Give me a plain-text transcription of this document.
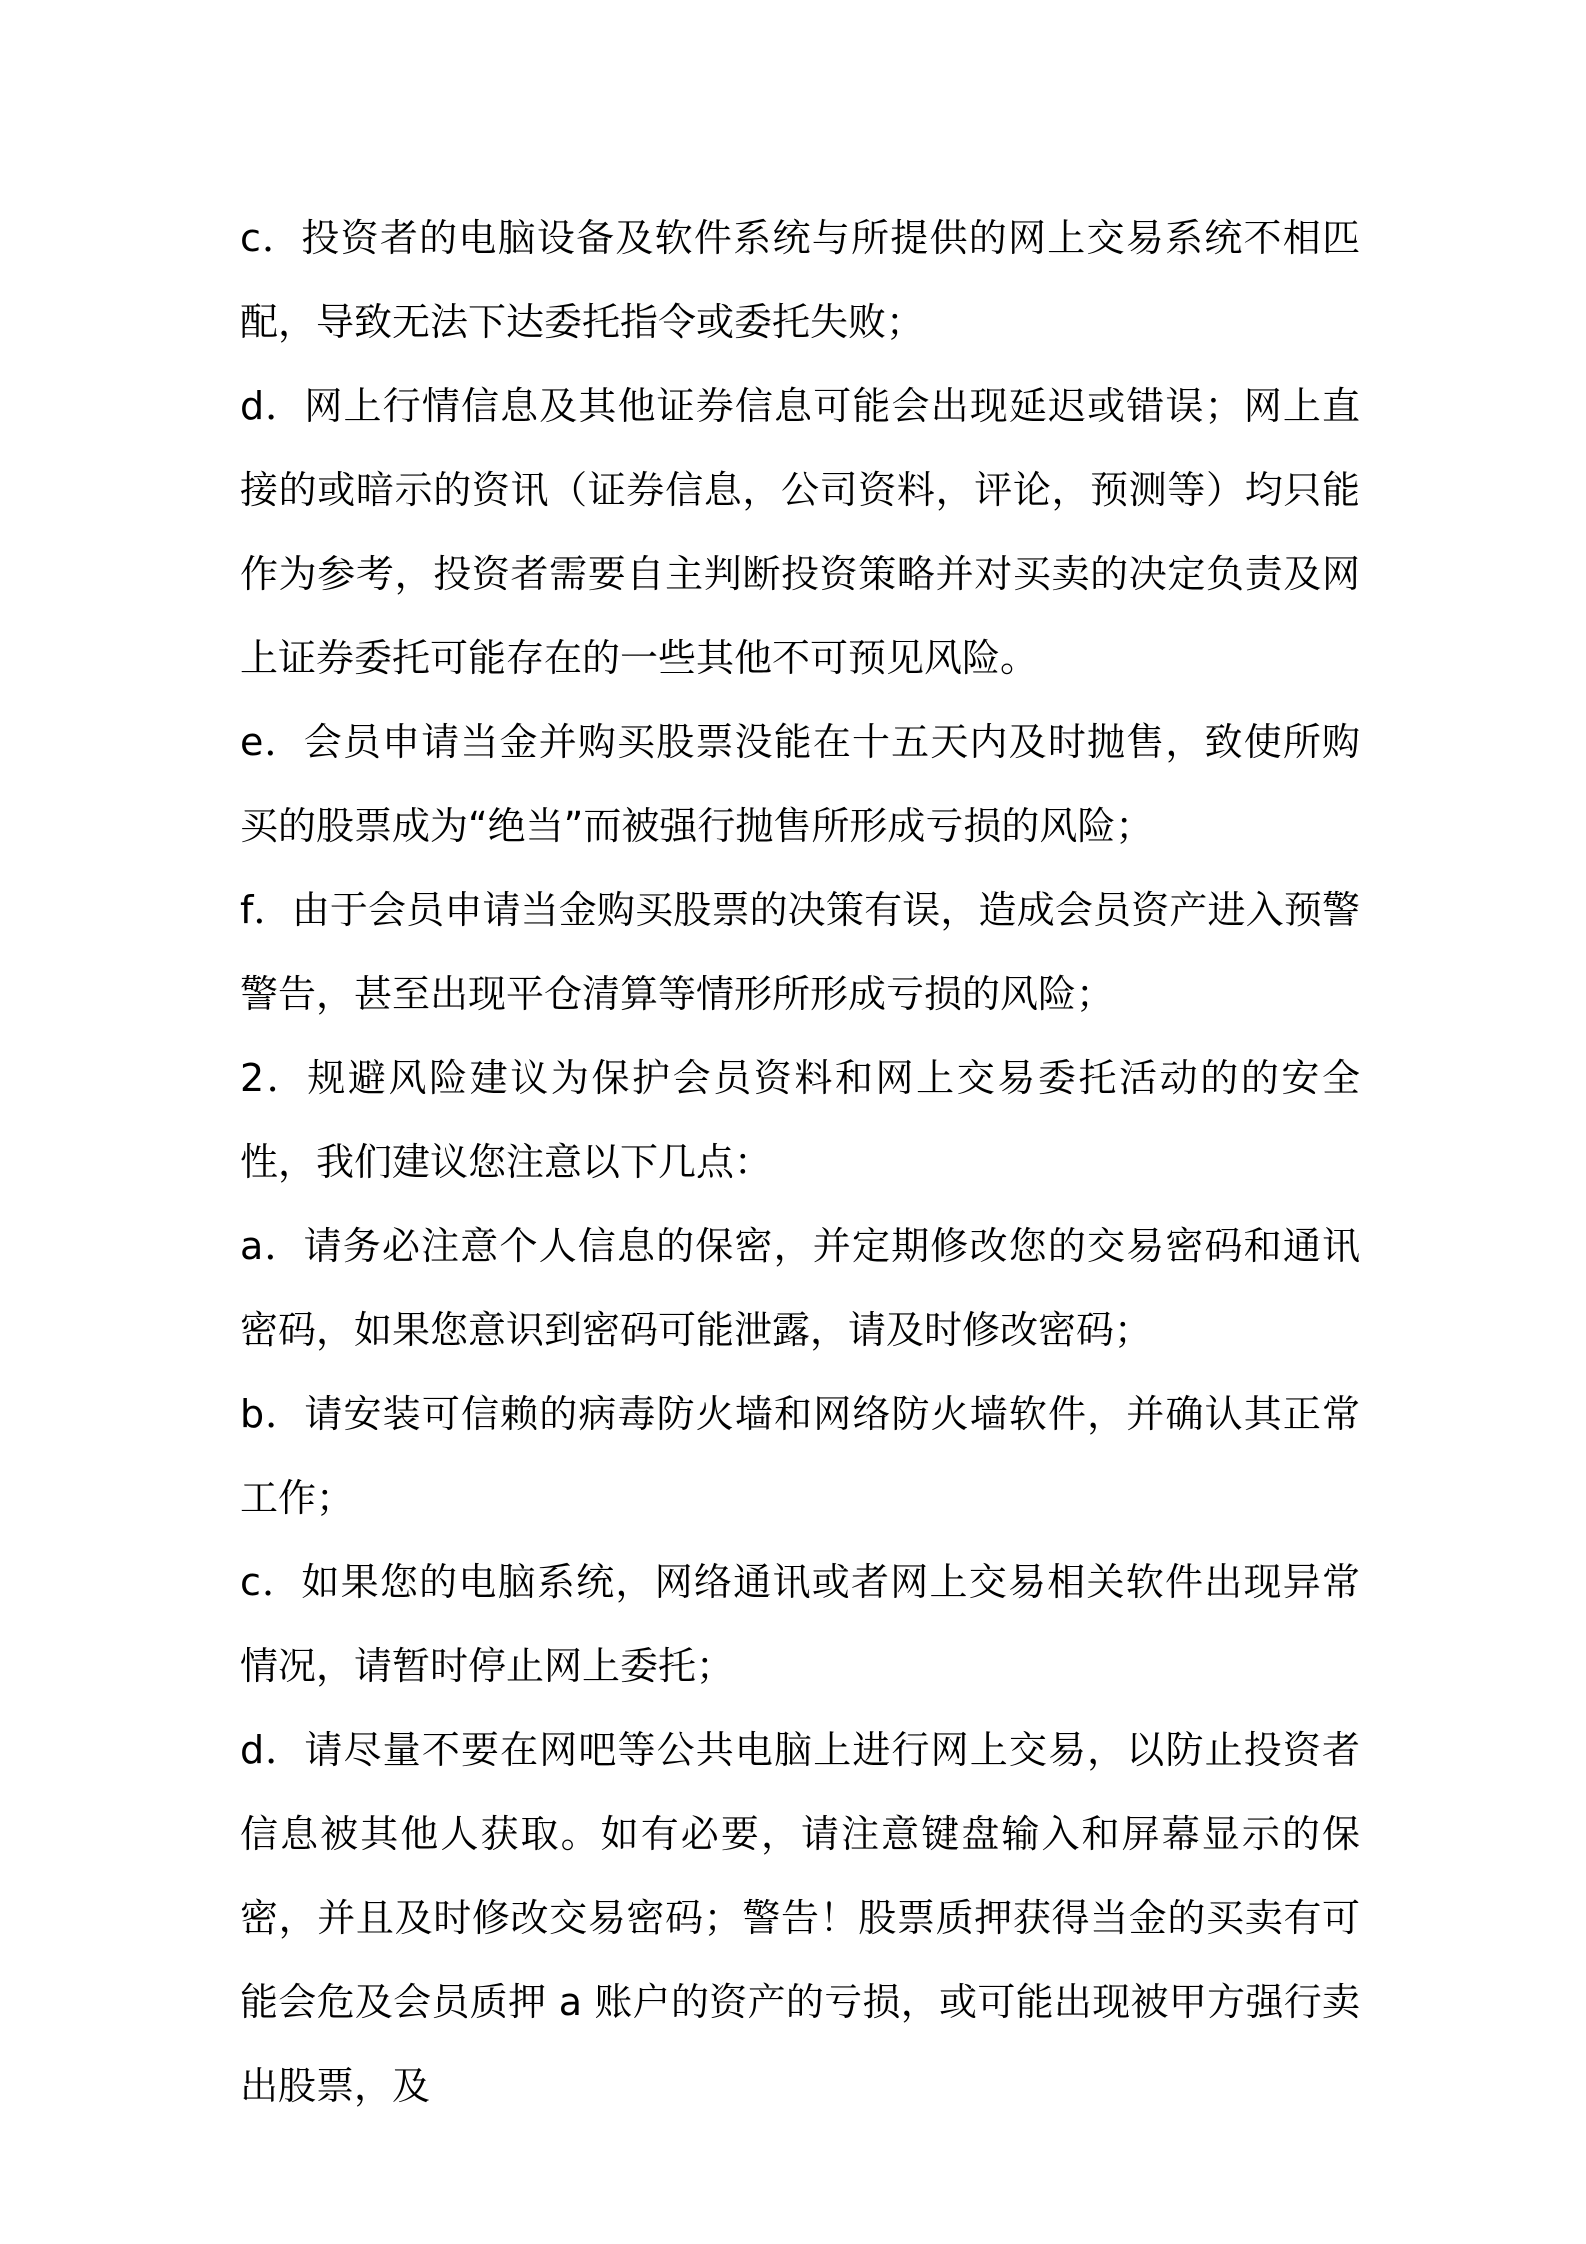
c．投资者的电脑设备及软件系统与所提供的网上交易系统不相匹配，导致无法下达委托指令或委托失败；

d．网上行情信息及其他证券信息可能会出现延迟或错误；网上直接的或暗示的资讯（证券信息，公司资料，评论，预测等）均只能作为参考，投资者需要自主判断投资策略并对买卖的决定负责及网上证券委托可能存在的一些其他不可预见风险。

e．会员申请当金并购买股票没能在十五天内及时抛售，致使所购买的股票成为“绝当”而被强行抛售所形成亏损的风险；

f．由于会员申请当金购买股票的决策有误，造成会员资产进入预警警告，甚至出现平仓清算等情形所形成亏损的风险；

2．规避风险建议为保护会员资料和网上交易委托活动的的安全性，我们建议您注意以下几点：

a．请务必注意个人信息的保密，并定期修改您的交易密码和通讯密码，如果您意识到密码可能泄露，请及时修改密码；

b．请安装可信赖的病毒防火墙和网络防火墙软件，并确认其正常工作；

c．如果您的电脑系统，网络通讯或者网上交易相关软件出现异常情况，请暂时停止网上委托；

d．请尽量不要在网吧等公共电脑上进行网上交易，以防止投资者信息被其他人获取。如有必要，请注意键盘输入和屏幕显示的保密，并且及时修改交易密码；警告！股票质押获得当金的买卖有可能会危及会员质押 a 账户的资产的亏损，或可能出现被甲方强行卖出股票，及
